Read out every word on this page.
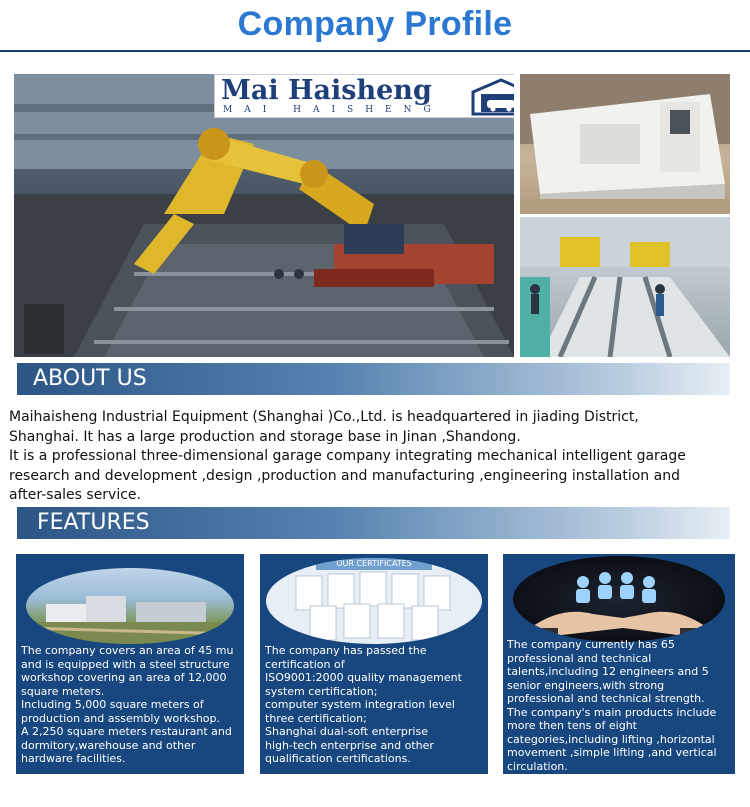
Company Profile
Mai Haisheng
MAI HAISHENG
ABOUT US

Maihaisheng Industrial Equipment (Shanghai )Co.,Ltd. is headquartered in jiading District,

Shanghai. It has a large production and storage base in Jinan ,Shandong.

It is a professional three-dimensional garage company integrating mechanical intelligent garage

research and development ,design ,production and manufacturing ,engineering installation and

after-sales service.

FEATURES

The company covers an area of 45 mu

and is equipped with a steel structure

workshop covering an area of 12,000

square meters.

Including 5,000 square meters of

production and assembly workshop.

A 2,250 square meters restaurant and

dormitory,warehouse and other

hardware facilities.

OUR CERTIFICATES

The company has passed the

certification of

ISO9001:2000 quality management

system certification;

computer system integration level

three certification;

Shanghai dual-soft enterprise

high-tech enterprise and other

qualification certifications.

The company currently has 65

professional and technical

talents,including 12 engineers and 5

senior engineers,with strong

professional and technical strength.

The company's main products include

more then tens of eight

categories,including lifting ,horizontal

movement ,simple lifting ,and vertical

circulation.
